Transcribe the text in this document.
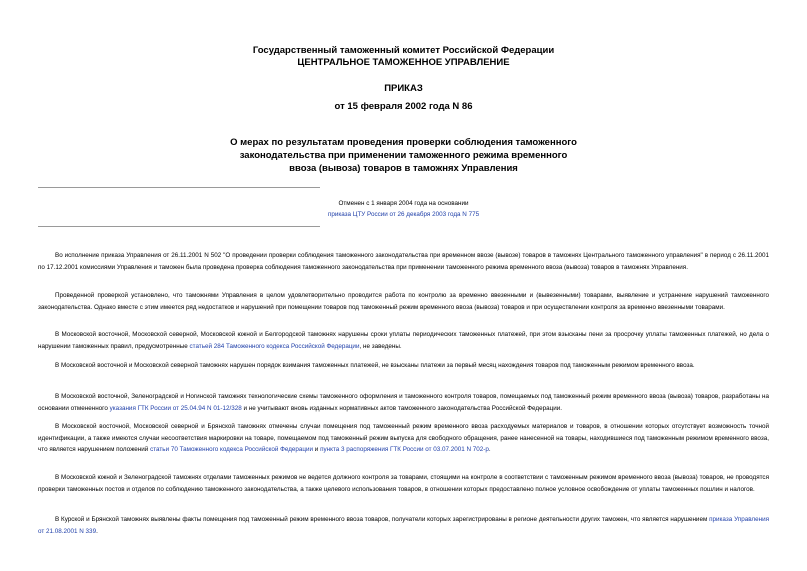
Государственный таможенный комитет Российской Федерации
ЦЕНТРАЛЬНОЕ ТАМОЖЕННОЕ УПРАВЛЕНИЕ
ПРИКАЗ
от 15 февраля 2002 года N 86
О мерах по результатам проведения проверки соблюдения таможенного
законодательства при применении таможенного режима временного
ввоза (вывоза) товаров в таможнях Управления
Отменен с 1 января 2004 года на основании
приказа ЦТУ России от 26 декабря 2003 года N 775
Во исполнение приказа Управления от 26.11.2001 N 502 "О проведении проверки соблюдения таможенного законодательства при временном ввозе (вывозе) товаров в таможнях Центрального таможенного управления" в период с 26.11.2001 по 17.12.2001 комиссиями Управления и таможен была проведена проверка соблюдения таможенного законодательства при применении таможенного режима временного ввоза (вывоза) товаров в таможнях Управления.
Проведенной проверкой установлено, что таможнями Управления в целом удовлетворительно проводится работа по контролю за временно ввезенными и (вывезенными) товарами, выявление и устранение нарушений таможенного законодательства. Однако вместе с этим имеется ряд недостатков и нарушений при помещении товаров под таможенный режим временного ввоза (вывоза) товаров и при осуществлении контроля за временно ввезенными товарами.
В Московской восточной, Московской северной, Московской южной и Белгородской таможнях нарушены сроки уплаты периодических таможенных платежей, при этом взысканы пени за просрочку уплаты таможенных платежей, но дела о нарушении таможенных правил, предусмотренные статьей 284 Таможенного кодекса Российской Федерации, не заведены.
В Московской восточной и Московской северной таможнях нарушен порядок взимания таможенных платежей, не взысканы платежи за первый месяц нахождения товаров под таможенным режимом временного ввоза.
В Московской восточной, Зеленоградской и Ногинской таможнях технологические схемы таможенного оформления и таможенного контроля товаров, помещаемых под таможенный режим временного ввоза (вывоза) товаров, разработаны на основании отмененного указания ГТК России от 25.04.94 N 01-12/328 и не учитывают вновь изданных нормативных актов таможенного законодательства Российской Федерации.
В Московской восточной, Московской северной и Брянской таможнях отмечены случаи помещения под таможенный режим временного ввоза расходуемых материалов и товаров, в отношении которых отсутствует возможность точной идентификации, а также имеются случаи несоответствия маркировки на товаре, помещаемом под таможенный режим выпуска для свободного обращения, ранее нанесенной на товары, находившиеся под таможенным режимом временного ввоза, что является нарушением положений статьи 70 Таможенного кодекса Российской Федерации и пункта 3 распоряжения ГТК России от 03.07.2001 N 702-р.
В Московской южной и Зеленоградской таможнях отделами таможенных режимов не ведется должного контроля за товарами, стоящими на контроле в соответствии с таможенным режимом временного ввоза (вывоза) товаров, не проводятся проверки таможенных постов и отделов по соблюдению таможенного законодательства, а также целевого использования товаров, в отношении которых предоставлено полное условное освобождение от уплаты таможенных пошлин и налогов.
В Курской и Брянской таможнях выявлены факты помещения под таможенный режим временного ввоза товаров, получатели которых зарегистрированы в регионе деятельности других таможен, что является нарушением приказа Управления от 21.08.2001 N 339.
